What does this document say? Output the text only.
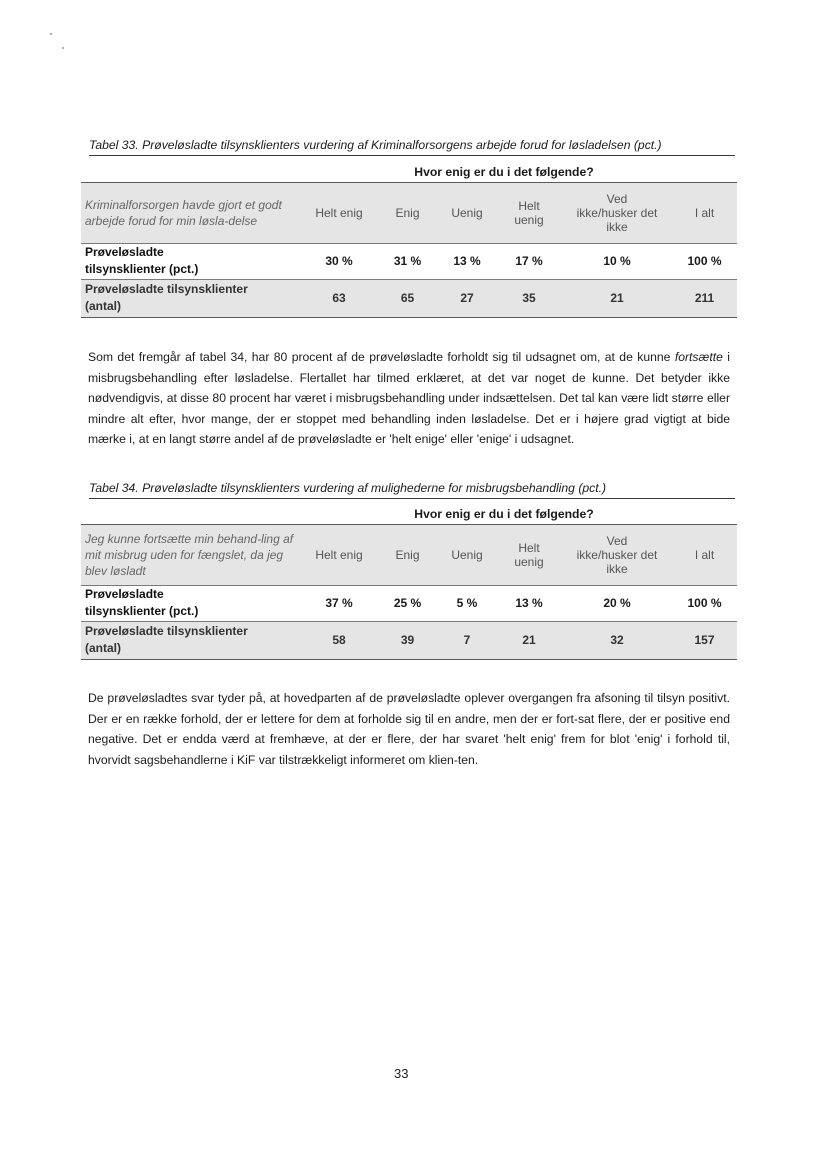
Tabel 33. Prøveløsladte tilsynsklienters vurdering af Kriminalforsorgens arbejde forud for løsladelsen (pct.)
Hvor enig er du i det følgende?
Kriminalforsorgen havde gjort et godt arbejde forud for min løsla-delse	Helt enig	Enig	Uenig	Helt uenig	Ved ikke/husker det ikke	I alt
Prøveløsladte tilsynsklienter (pct.)	30 %	31 %	13 %	17 %	10 %	100 %
Prøveløsladte tilsynsklienter (antal)	63	65	27	35	21	211
Som det fremgår af tabel 34, har 80 procent af de prøveløsladte forholdt sig til udsagnet om, at de kunne fortsætte i misbrugsbehandling efter løsladelse. Flertallet har tilmed erklæret, at det var noget de kunne. Det betyder ikke nødvendigvis, at disse 80 procent har været i misbrugsbehandling under indsættelsen. Det tal kan være lidt større eller mindre alt efter, hvor mange, der er stoppet med behandling inden løsladelse. Det er i højere grad vigtigt at bide mærke i, at en langt større andel af de prøveløsladte er 'helt enige' eller 'enige' i udsagnet.
Tabel 34. Prøveløsladte tilsynsklienters vurdering af mulighederne for misbrugsbehandling (pct.)
Hvor enig er du i det følgende?
Jeg kunne fortsætte min behand-ling af mit misbrug uden for fængslet, da jeg blev løsladt	Helt enig	Enig	Uenig	Helt uenig	Ved ikke/husker det ikke	I alt
Prøveløsladte tilsynsklienter (pct.)	37 %	25 %	5 %	13 %	20 %	100 %
Prøveløsladte tilsynsklienter (antal)	58	39	7	21	32	157
De prøveløsladtes svar tyder på, at hovedparten af de prøveløsladte oplever overgangen fra afsoning til tilsyn positivt. Der er en række forhold, der er lettere for dem at forholde sig til en andre, men der er fort-sat flere, der er positive end negative. Det er endda værd at fremhæve, at der er flere, der har svaret 'helt enig' frem for blot 'enig' i forhold til, hvorvidt sagsbehandlerne i KiF var tilstrækkeligt informeret om klien-ten.
33
